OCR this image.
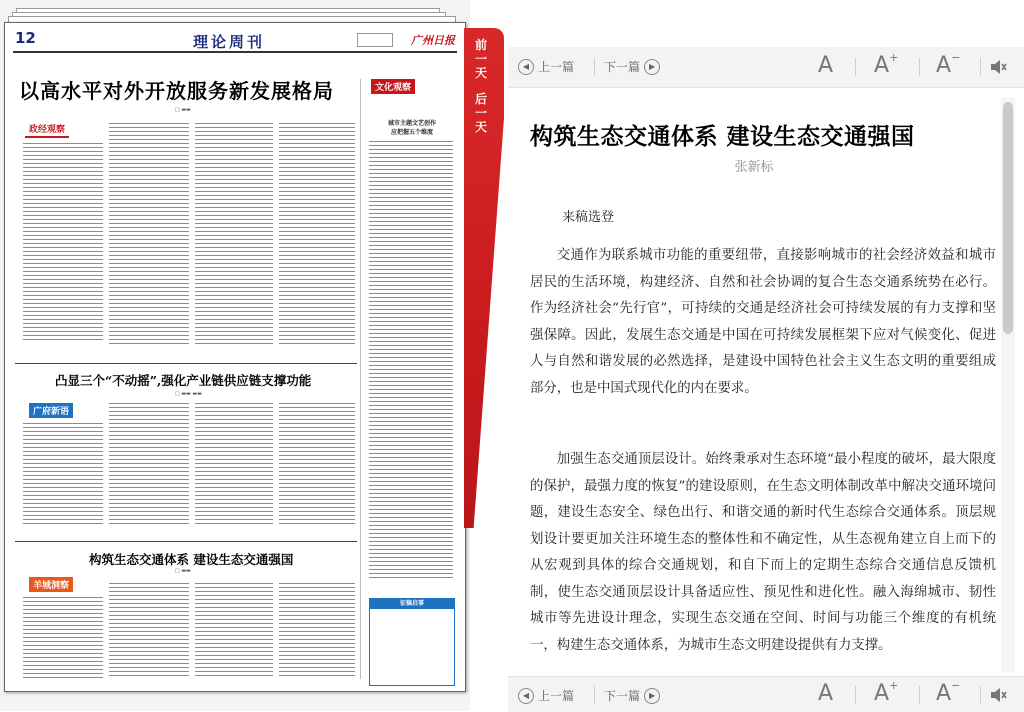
12	理论周刊	广州日报
以高水平对外开放服务新发展格局
□ ▬▬
政经观察
文化观察
城市主题文艺创作
应把握五个维度
凸显三个“不动摇”,强化产业链供应链支撑功能
□ ▬▬ ▬▬
广府新语
构筑生态交通体系 建设生态交通强国
□ ▬▬
羊城洞察
征稿启事
前
一
天
后
一
天
◀ 上一篇 下一篇	▶	A A+ A−
构筑生态交通体系 建设生态交通强国
张新标
来稿选登

交通作为联系城市功能的重要纽带，直接影响城市的社会经济效益和城市居民的生活环境，构建经济、自然和社会协调的复合生态交通系统势在必行。作为经济社会“先行官”，可持续的交通是经济社会可持续发展的有力支撑和坚强保障。因此，发展生态交通是中国在可持续发展框架下应对气候变化、促进人与自然和谐发展的必然选择，是建设中国特色社会主义生态文明的重要组成部分，也是中国式现代化的内在要求。

加强生态交通顶层设计。始终秉承对生态环境“最小程度的破坏，最大限度的保护，最强力度的恢复”的建设原则，在生态文明体制改革中解决交通环境问题，建设生态安全、绿色出行、和谐交通的新时代生态综合交通体系。顶层规划设计要更加关注环境生态的整体性和不确定性，从生态视角建立自上而下的从宏观到具体的综合交通规划，和自下而上的定期生态综合交通信息反馈机制，使生态交通顶层设计具备适应性、预见性和进化性。融入海绵城市、韧性城市等先进设计理念，实现生态交通在空间、时间与功能三个维度的有机统一，构建生态交通体系，为城市生态文明建设提供有力支撑。

◀ 上一篇 下一篇	▶	A A+ A−
